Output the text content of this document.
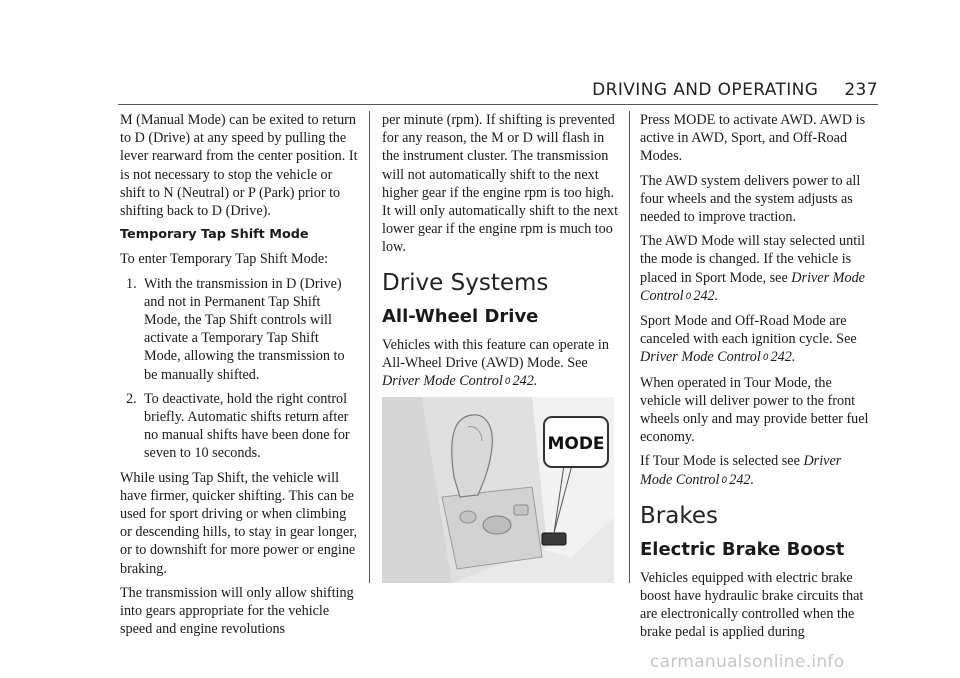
DRIVING AND OPERATING 237

M (Manual Mode) can be exited to return to D (Drive) at any speed by pulling the lever rearward from the center position. It is not necessary to stop the vehicle or shift to N (Neutral) or P (Park) prior to shifting back to D (Drive).

Temporary Tap Shift Mode

To enter Temporary Tap Shift Mode:

1. With the transmission in D (Drive) and not in Permanent Tap Shift Mode, the Tap Shift controls will activate a Temporary Tap Shift Mode, allowing the transmission to be manually shifted.
2. To deactivate, hold the right control briefly. Automatic shifts return after no manual shifts have been done for seven to 10 seconds.

While using Tap Shift, the vehicle will have firmer, quicker shifting. This can be used for sport driving or when climbing or descending hills, to stay in gear longer, or to downshift for more power or engine braking.

The transmission will only allow shifting into gears appropriate for the vehicle speed and engine revolutions

per minute (rpm). If shifting is prevented for any reason, the M or D will flash in the instrument cluster. The transmission will not automatically shift to the next higher gear if the engine rpm is too high. It will only automatically shift to the next lower gear if the engine rpm is much too low.

Drive Systems
All-Wheel Drive

Vehicles with this feature can operate in All-Wheel Drive (AWD) Mode. See Driver Mode Control 0 242.

MODE

Press MODE to activate AWD. AWD is active in AWD, Sport, and Off-Road Modes.

The AWD system delivers power to all four wheels and the system adjusts as needed to improve traction.

The AWD Mode will stay selected until the mode is changed. If the vehicle is placed in Sport Mode, see Driver Mode Control 0 242.

Sport Mode and Off-Road Mode are canceled with each ignition cycle. See Driver Mode Control 0 242.

When operated in Tour Mode, the vehicle will deliver power to the front wheels only and may provide better fuel economy.

If Tour Mode is selected see Driver Mode Control 0 242.

Brakes
Electric Brake Boost

Vehicles equipped with electric brake boost have hydraulic brake circuits that are electronically controlled when the brake pedal is applied during

carmanualsonline.info
